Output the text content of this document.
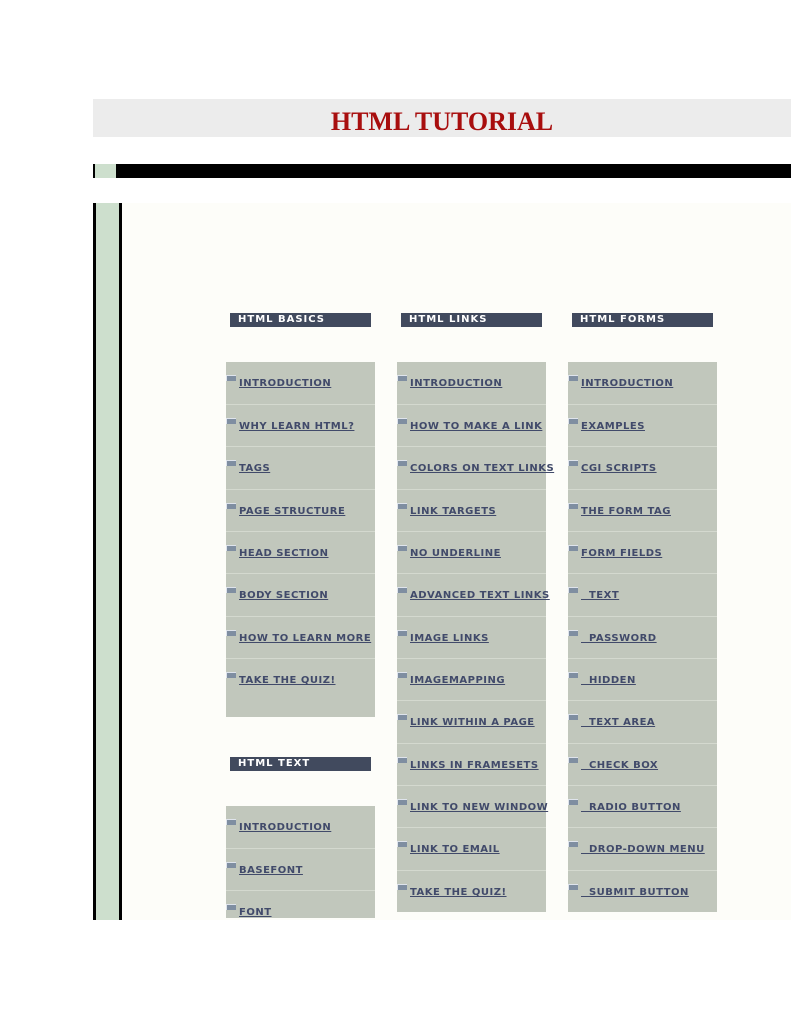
HTML TUTORIAL
HTML BASICS
INTRODUCTION
WHY LEARN HTML?
TAGS
PAGE STRUCTURE
HEAD SECTION
BODY SECTION
HOW TO LEARN MORE
TAKE THE QUIZ!
HTML TEXT
INTRODUCTION
BASEFONT
FONT
HTML LINKS
INTRODUCTION
HOW TO MAKE A LINK
COLORS ON TEXT LINKS
LINK TARGETS
NO UNDERLINE
ADVANCED TEXT LINKS
IMAGE LINKS
IMAGEMAPPING
LINK WITHIN A PAGE
LINKS IN FRAMESETS
LINK TO NEW WINDOW
LINK TO EMAIL
TAKE THE QUIZ!
HTML FORMS
INTRODUCTION
EXAMPLES
CGI SCRIPTS
THE FORM TAG
FORM FIELDS
TEXT
PASSWORD
HIDDEN
TEXT AREA
CHECK BOX
RADIO BUTTON
DROP-DOWN MENU
SUBMIT BUTTON
